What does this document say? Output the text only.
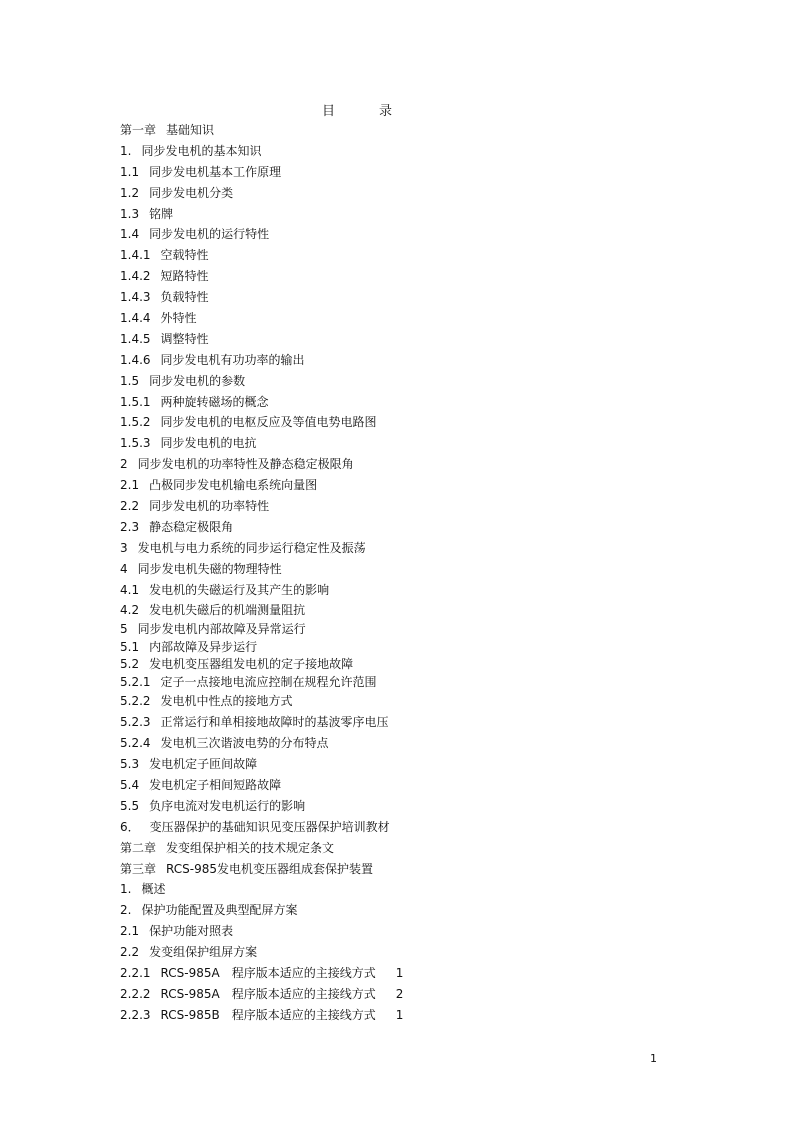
目	录
第一章 基础知识
1. 同步发电机的基本知识
1.1 同步发电机基本工作原理
1.2 同步发电机分类
1.3 铭牌
1.4 同步发电机的运行特性
1.4.1 空载特性
1.4.2 短路特性
1.4.3 负载特性
1.4.4 外特性
1.4.5 调整特性
1.4.6 同步发电机有功功率的输出
1.5 同步发电机的参数
1.5.1 两种旋转磁场的概念
1.5.2 同步发电机的电枢反应及等值电势电路图
1.5.3 同步发电机的电抗
2 同步发电机的功率特性及静态稳定极限角
2.1 凸极同步发电机输电系统向量图
2.2 同步发电机的功率特性
2.3 静态稳定极限角
3 发电机与电力系统的同步运行稳定性及振荡
4 同步发电机失磁的物理特性
4.1 发电机的失磁运行及其产生的影响
4.2 发电机失磁后的机端测量阻抗
5 同步发电机内部故障及异常运行
5.1 内部故障及异步运行
5.2 发电机变压器组发电机的定子接地故障
5.2.1 定子一点接地电流应控制在规程允许范围
5.2.2 发电机中性点的接地方式
5.2.3 正常运行和单相接地故障时的基波零序电压
5.2.4 发电机三次谐波电势的分布特点
5.3 发电机定子匝间故障
5.4 发电机定子相间短路故障
5.5 负序电流对发电机运行的影响
6． 变压器保护的基础知识见变压器保护培训教材
第二章 发变组保护相关的技术规定条文
第三章 RCS-985发电机变压器组成套保护装置
1. 概述
2. 保护功能配置及典型配屏方案
2.1 保护功能对照表
2.2 发变组保护组屏方案
2.2.1 RCS-985A　程序版本适应的主接线方式 1
2.2.2 RCS-985A　程序版本适应的主接线方式 2
2.2.3 RCS-985B　程序版本适应的主接线方式 1
1
